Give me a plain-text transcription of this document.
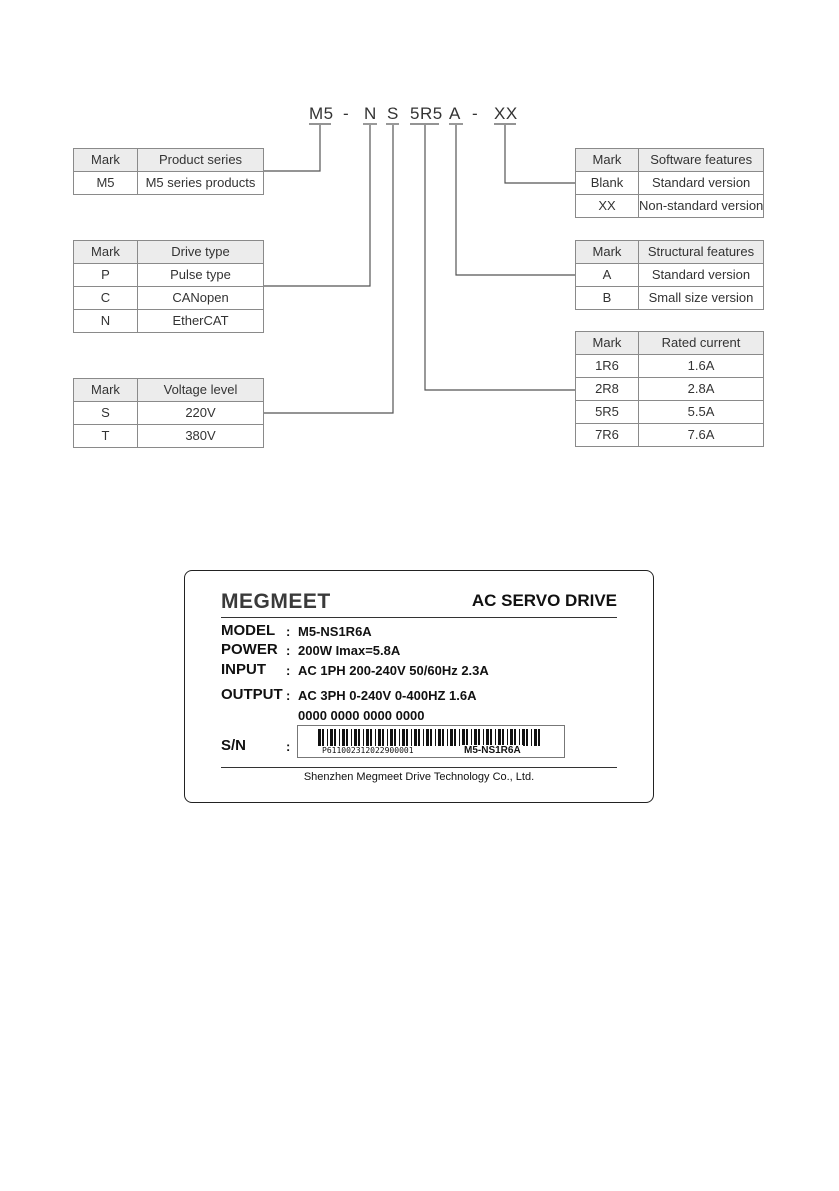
M5 - N S 5R5 A - XX
Mark	Product series
M5	M5 series products
Mark	Drive type
P	Pulse type
C	CANopen
N	EtherCAT
Mark	Voltage level
S	220V
T	380V
Mark	Software features
Blank	Standard version
XX	Non-standard version
Mark	Structural features
A	Standard version
B	Small size version
Mark	Rated current
1R6	1.6A
2R8	2.8A
5R5	5.5A
7R6	7.6A
MEGMEET	AC SERVO DRIVE
MODEL : M5-NS1R6A
POWER : 200W Imax=5.8A
INPUT : AC 1PH 200-240V 50/60Hz 2.3A
OUTPUT : AC 3PH 0-240V 0-400HZ 1.6A
0000 0000 0000 0000
S/N	:	P611002312022900001	M5-NS1R6A
Shenzhen Megmeet Drive Technology Co., Ltd.
